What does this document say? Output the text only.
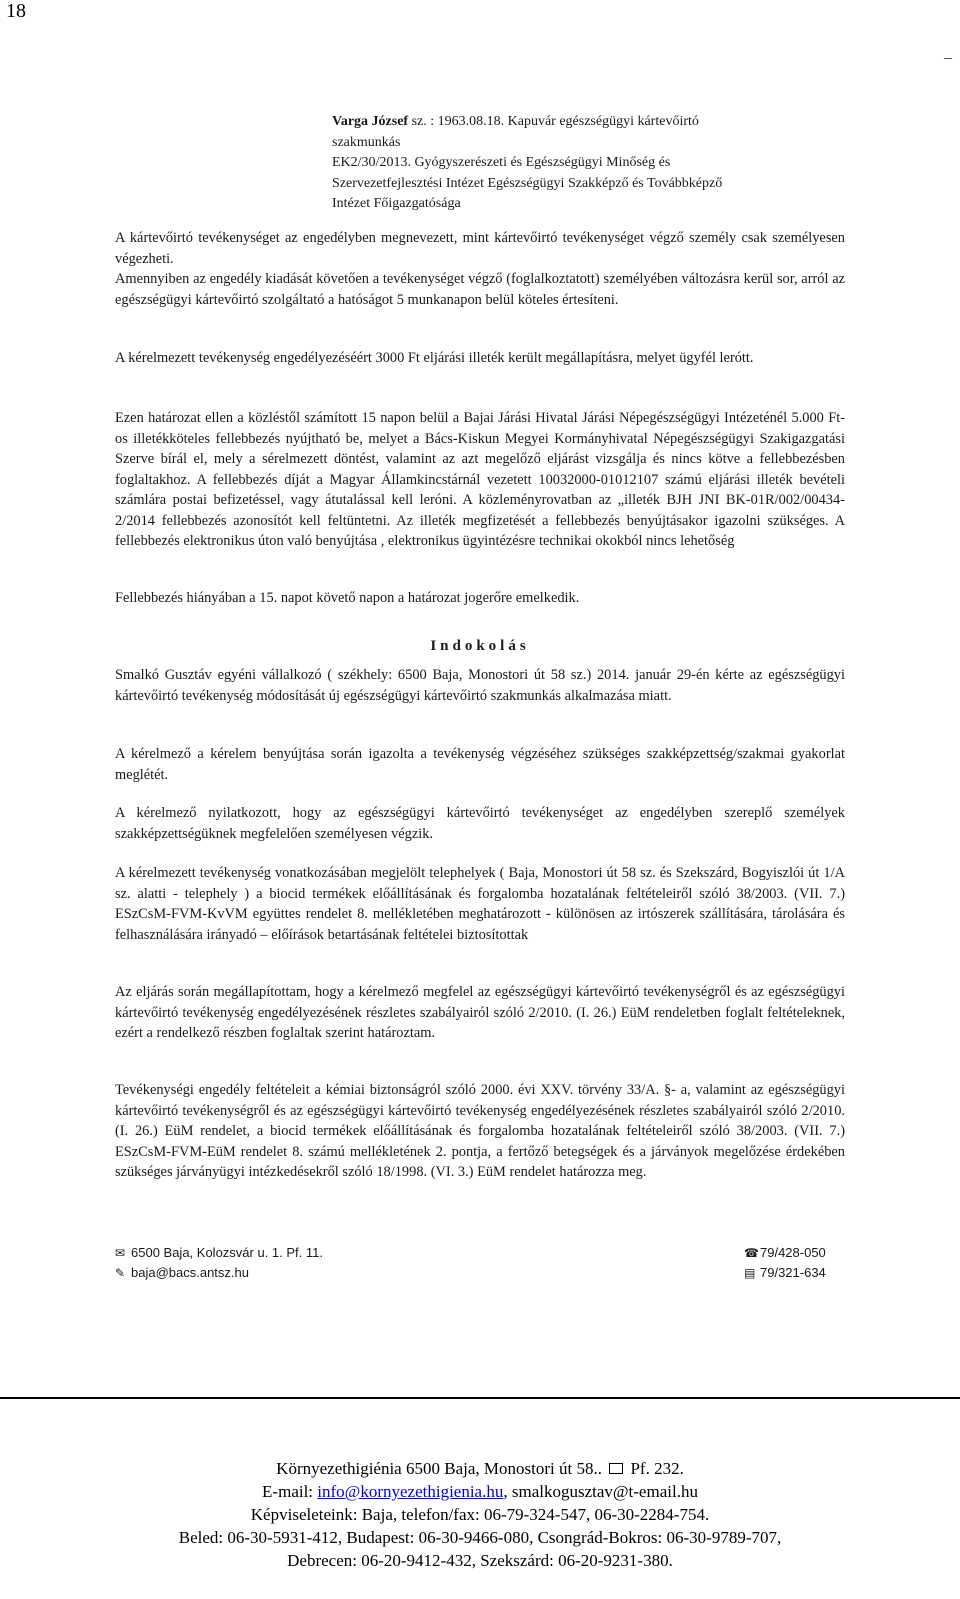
18
_
Varga József sz. : 1963.08.18. Kapuvár egészségügyi kártevőirtó
szakmunkás
EK2/30/2013. Gyógyszerészeti és Egészségügyi Minőség és
Szervezetfejlesztési Intézet Egészségügyi Szakképző és Továbbképző
Intézet Főigazgatósága
A kártevőirtó tevékenységet az engedélyben megnevezett, mint kártevőirtó tevékenységet végző személy csak személyesen végezheti.
Amennyiben az engedély kiadását követően a tevékenységet végző (foglalkoztatott) személyében változásra kerül sor, arról az egészségügyi kártevőirtó szolgáltató a hatóságot 5 munkanapon belül köteles értesíteni.
A kérelmezett tevékenység engedélyezéséért 3000 Ft eljárási illeték került megállapításra, melyet ügyfél lerótt.
Ezen határozat ellen a közléstől számított 15 napon belül a Bajai Járási Hivatal Járási Népegészségügyi Intézeténél 5.000 Ft-os illetékköteles fellebbezés nyújtható be, melyet a Bács-Kiskun Megyei Kormányhivatal Népegészségügyi Szakigazgatási Szerve bírál el, mely a sérelmezett döntést, valamint az azt megelőző eljárást vizsgálja és nincs kötve a fellebbezésben foglaltakhoz. A fellebbezés díját a Magyar Államkincstárnál vezetett 10032000-01012107 számú eljárási illeték bevételi számlára postai befizetéssel, vagy átutalással kell leróni. A közleményrovatban az „illeték BJH JNI BK-01R/002/00434-2/2014 fellebbezés azonosítót kell feltüntetni. Az illeték megfizetését a fellebbezés benyújtásakor igazolni szükséges. A fellebbezés elektronikus úton való benyújtása , elektronikus ügyintézésre technikai okokból nincs lehetőség
Fellebbezés hiányában a 15. napot követő napon a határozat jogerőre emelkedik.
Indokolás
Smalkó Gusztáv egyéni vállalkozó ( székhely: 6500 Baja, Monostori út 58 sz.) 2014. január 29-én kérte az egészségügyi kártevőirtó tevékenység módosítását új egészségügyi kártevőirtó szakmunkás alkalmazása miatt.
A kérelmező a kérelem benyújtása során igazolta a tevékenység végzéséhez szükséges szakképzettség/szakmai gyakorlat meglétét.
A kérelmező nyilatkozott, hogy az egészségügyi kártevőirtó tevékenységet az engedélyben szereplő személyek szakképzettségüknek megfelelően személyesen végzik.
A kérelmezett tevékenység vonatkozásában megjelölt telephelyek ( Baja, Monostori út 58 sz. és Szekszárd, Bogyiszlói út 1/A sz. alatti - telephely ) a biocid termékek előállításának és forgalomba hozatalának feltételeiről szóló 38/2003. (VII. 7.) ESzCsM-FVM-KvVM együttes rendelet 8. mellékletében meghatározott - különösen az irtószerek szállítására, tárolására és felhasználására irányadó – előírások betartásának feltételei biztosítottak
Az eljárás során megállapítottam, hogy a kérelmező megfelel az egészségügyi kártevőirtó tevékenységről és az egészségügyi kártevőirtó tevékenység engedélyezésének részletes szabályairól szóló 2/2010. (I. 26.) EüM rendeletben foglalt feltételeknek, ezért a rendelkező részben foglaltak szerint határoztam.
Tevékenységi engedély feltételeit a kémiai biztonságról szóló 2000. évi XXV. törvény 33/A. §- a, valamint az egészségügyi kártevőirtó tevékenységről és az egészségügyi kártevőirtó tevékenység engedélyezésének részletes szabályairól szóló 2/2010. (I. 26.) EüM rendelet, a biocid termékek előállításának és forgalomba hozatalának feltételeiről szóló 38/2003. (VII. 7.) ESzCsM-FVM-EüM rendelet 8. számú mellékletének 2. pontja, a fertőző betegségek és a járványok megelőzése érdekében szükséges járványügyi intézkedésekről szóló 18/1998. (VI. 3.) EüM rendelet határozza meg.
✉ 6500 Baja, Kolozsvár u. 1. Pf. 11.
✎ baja@bacs.antsz.hu
☎79/428-050
▤ 79/321-634
Környezethigiénia 6500 Baja, Monostori út 58.. Pf. 232.
E-mail: info@kornyezethigienia.hu, smalkogusztav@t-email.hu
Képviseleteink: Baja, telefon/fax: 06-79-324-547, 06-30-2284-754.
Beled: 06-30-5931-412, Budapest: 06-30-9466-080, Csongrád-Bokros: 06-30-9789-707,
Debrecen: 06-20-9412-432, Szekszárd: 06-20-9231-380.
